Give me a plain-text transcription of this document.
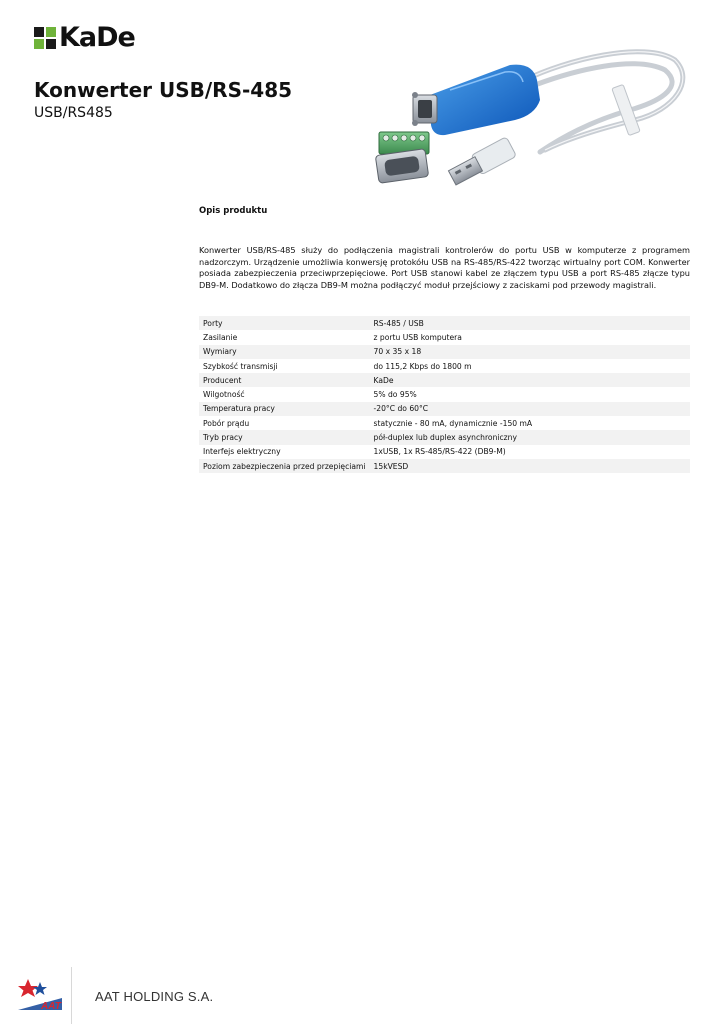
KaDe
Konwerter USB/RS-485
USB/RS485
Opis produktu

Konwerter USB/RS-485 służy do podłączenia magistrali kontrolerów do portu USB w komputerze z programem nadzorczym. Urządzenie umożliwia konwersję protokółu USB na RS-485/RS-422 tworząc wirtualny port COM. Konwerter posiada zabezpieczenia przeciwprzepięciowe. Port USB stanowi kabel ze złączem typu USB a port RS-485 złącze typu DB9-M. Dodatkowo do złącza DB9-M można podłączyć moduł przejściowy z zaciskami pod przewody magistrali.

Porty	RS-485 / USB
Zasilanie	z portu USB komputera
Wymiary	70 x 35 x 18
Szybkość transmisji	do 115,2 Kbps do 1800 m
Producent	KaDe
Wilgotność	5% do 95%
Temperatura pracy	-20°C do 60°C
Pobór prądu	statycznie - 80 mA, dynamicznie -150 mA
Tryb pracy	pół-duplex lub duplex asynchroniczny
Interfejs elektryczny	1xUSB, 1x RS-485/RS-422 (DB9-M)
Poziom zabezpieczenia przed przepięciami	15kVESD
AAT
AAT HOLDING S.A.
